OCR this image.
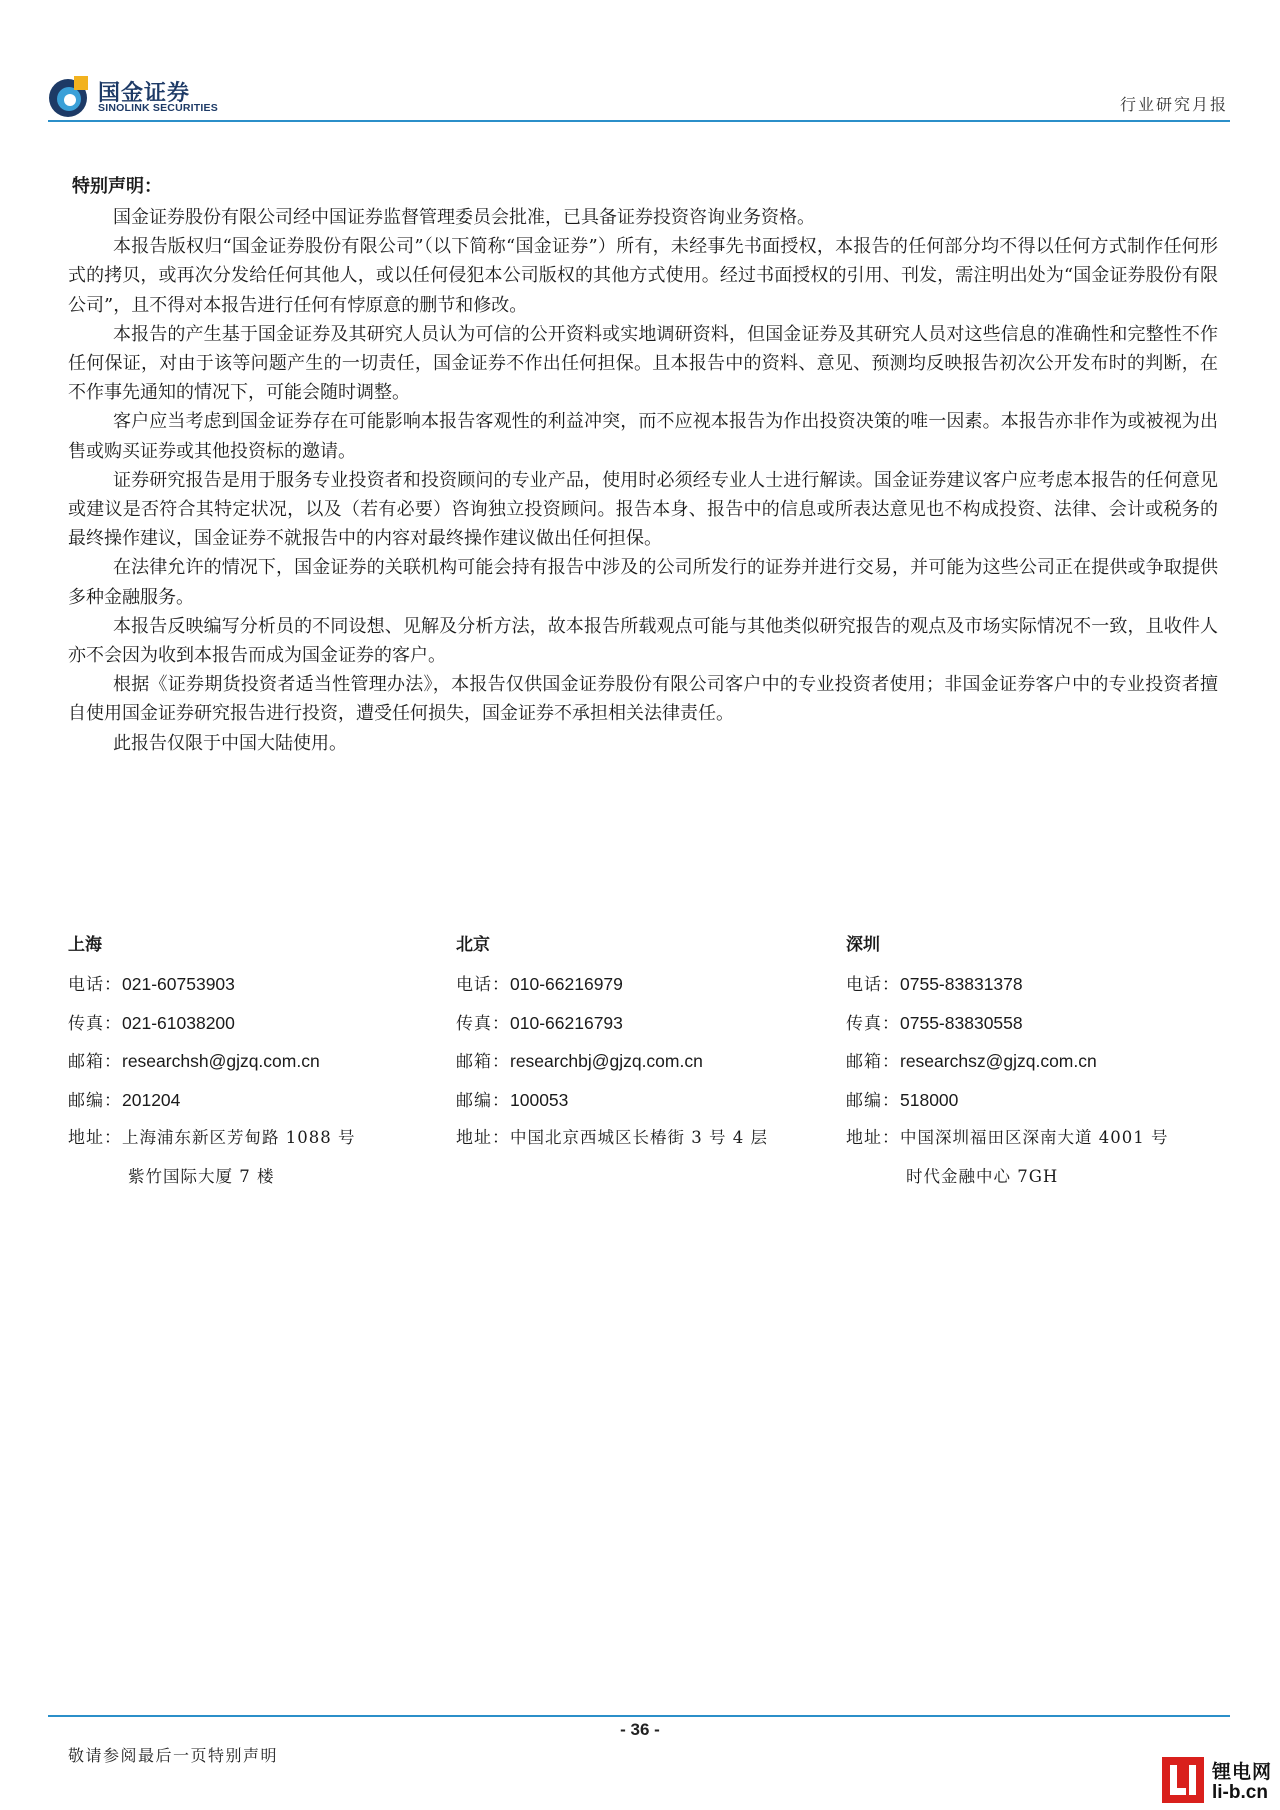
国金证券
SINOLINK SECURITIES	行业研究月报
特别声明：

国金证券股份有限公司经中国证券监督管理委员会批准，已具备证券投资咨询业务资格。

本报告版权归“国金证券股份有限公司”（以下简称“国金证券”）所有，未经事先书面授权，本报告的任何部分均不得以任何方式制作任何形式的拷贝，或再次分发给任何其他人，或以任何侵犯本公司版权的其他方式使用。经过书面授权的引用、刊发，需注明出处为“国金证券股份有限公司”，且不得对本报告进行任何有悖原意的删节和修改。

本报告的产生基于国金证券及其研究人员认为可信的公开资料或实地调研资料，但国金证券及其研究人员对这些信息的准确性和完整性不作任何保证，对由于该等问题产生的一切责任，国金证券不作出任何担保。且本报告中的资料、意见、预测均反映报告初次公开发布时的判断，在不作事先通知的情况下，可能会随时调整。

客户应当考虑到国金证券存在可能影响本报告客观性的利益冲突，而不应视本报告为作出投资决策的唯一因素。本报告亦非作为或被视为出售或购买证券或其他投资标的邀请。

证券研究报告是用于服务专业投资者和投资顾问的专业产品，使用时必须经专业人士进行解读。国金证券建议客户应考虑本报告的任何意见或建议是否符合其特定状况，以及（若有必要）咨询独立投资顾问。报告本身、报告中的信息或所表达意见也不构成投资、法律、会计或税务的最终操作建议，国金证券不就报告中的内容对最终操作建议做出任何担保。

在法律允许的情况下，国金证券的关联机构可能会持有报告中涉及的公司所发行的证券并进行交易，并可能为这些公司正在提供或争取提供多种金融服务。

本报告反映编写分析员的不同设想、见解及分析方法，故本报告所载观点可能与其他类似研究报告的观点及市场实际情况不一致，且收件人亦不会因为收到本报告而成为国金证券的客户。

根据《证券期货投资者适当性管理办法》，本报告仅供国金证券股份有限公司客户中的专业投资者使用；非国金证券客户中的专业投资者擅自使用国金证券研究报告进行投资，遭受任何损失，国金证券不承担相关法律责任。

此报告仅限于中国大陆使用。

上海
电话：021-60753903
传真：021-61038200
邮箱：researchsh@gjzq.com.cn
邮编：201204
地址：上海浦东新区芳甸路 1088 号
紫竹国际大厦 7 楼
北京
电话：010-66216979
传真：010-66216793
邮箱：researchbj@gjzq.com.cn
邮编：100053
地址：中国北京西城区长椿街 3 号 4 层
深圳
电话：0755-83831378
传真：0755-83830558
邮箱：researchsz@gjzq.com.cn
邮编：518000
地址：中国深圳福田区深南大道 4001 号
时代金融中心 7GH
- 36 -
敬请参阅最后一页特别声明
锂电网
li-b.cn
